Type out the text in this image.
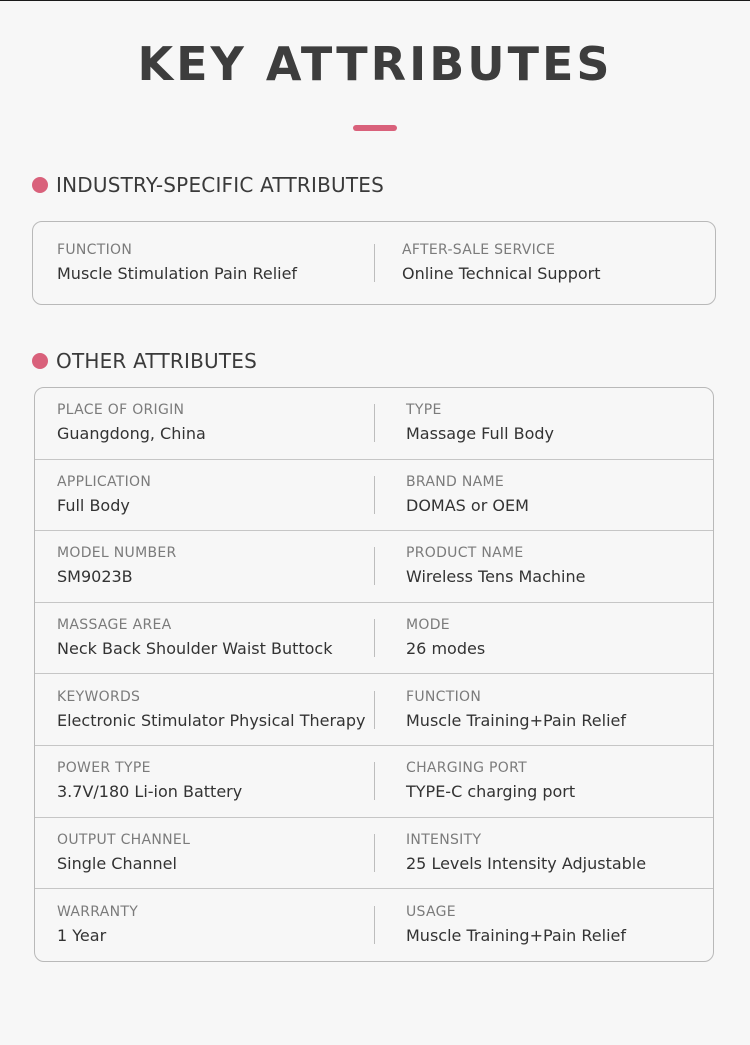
KEY ATTRIBUTES
INDUSTRY-SPECIFIC ATTRIBUTES
FUNCTION
Muscle Stimulation Pain Relief
AFTER-SALE SERVICE
Online Technical Support
OTHER ATTRIBUTES
PLACE OF ORIGIN
Guangdong, China
TYPE
Massage Full Body
APPLICATION
Full Body
BRAND NAME
DOMAS or OEM
MODEL NUMBER
SM9023B
PRODUCT NAME
Wireless Tens Machine
MASSAGE AREA
Neck Back Shoulder Waist Buttock
MODE
26 modes
KEYWORDS
Electronic Stimulator Physical Therapy
FUNCTION
Muscle Training+Pain Relief
POWER TYPE
3.7V/180 Li-ion Battery
CHARGING PORT
TYPE-C charging port
OUTPUT CHANNEL
Single Channel
INTENSITY
25 Levels Intensity Adjustable
WARRANTY
1 Year
USAGE
Muscle Training+Pain Relief
